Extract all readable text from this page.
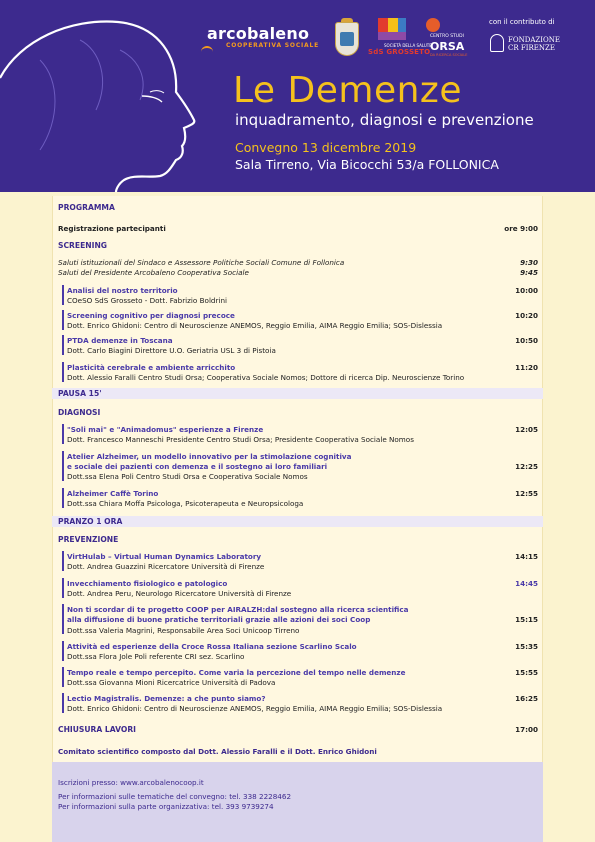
arcobaleno
COOPERATIVA SOCIALE	SOCIETÀ DELLA SALUTE
SdS GROSSETO
CENTRO STUDI
ORSA
DA RICERCA SOCIALE
con il contributo di
FONDAZIONE
CR FIRENZE
Le Demenze
inquadramento, diagnosi e prevenzione
Convegno 13 dicembre 2019
Sala Tirreno, Via Bicocchi 53/a FOLLONICA
PROGRAMMA
Registrazione partecipanti	ore 9:00
SCREENING
Saluti istituzionali del Sindaco e Assessore Politiche Sociali Comune di Follonica	9:30
Saluti del Presidente Arcobaleno Cooperativa Sociale	9:45
Analisi del nostro territorio	10:00
COeSO SdS Grosseto - Dott. Fabrizio Boldrini
Screening cognitivo per diagnosi precoce	10:20
Dott. Enrico Ghidoni: Centro di Neuroscienze ANEMOS, Reggio Emilia, AIMA Reggio Emilia; SOS-Dislessia
PTDA demenze in Toscana	10:50
Dott. Carlo Biagini Direttore U.O. Geriatria USL 3 di Pistoia
Plasticità cerebrale e ambiente arricchito	11:20
Dott. Alessio Faralli Centro Studi Orsa; Cooperativa Sociale Nomos; Dottore di ricerca Dip. Neuroscienze Torino
PAUSA 15'
DIAGNOSI
"Soli mai" e "Animadomus" esperienze a Firenze	12:05
Dott. Francesco Manneschi Presidente Centro Studi Orsa; Presidente Cooperativa Sociale Nomos
Atelier Alzheimer, un modello innovativo per la stimolazione cognitiva
e sociale dei pazienti con demenza e il sostegno ai loro familiari	12:25
Dott.ssa Elena Poli Centro Studi Orsa e Cooperativa Sociale Nomos
Alzheimer Caffè Torino	12:55
Dott.ssa Chiara Moffa Psicologa, Psicoterapeuta e Neuropsicologa
PRANZO 1 ORA
PREVENZIONE
VirtHulab – Virtual Human Dynamics Laboratory	14:15
Dott. Andrea Guazzini Ricercatore Università di Firenze
Invecchiamento fisiologico e patologico	14:45
Dott. Andrea Peru, Neurologo Ricercatore Università di Firenze
Non ti scordar di te progetto COOP per AIRALZH:dal sostegno alla ricerca scientifica
alla diffusione di buone pratiche territoriali grazie alle azioni dei soci Coop	15:15
Dott.ssa Valeria Magrini, Responsabile Area Soci Unicoop Tirreno
Attività ed esperienze della Croce Rossa Italiana sezione Scarlino Scalo	15:35
Dott.ssa Flora Jole Poli referente CRI sez. Scarlino
Tempo reale e tempo percepito. Come varia la percezione del tempo nelle demenze	15:55
Dott.ssa Giovanna Mioni Ricercatrice Università di Padova
Lectio Magistralis. Demenze: a che punto siamo?	16:25
Dott. Enrico Ghidoni: Centro di Neuroscienze ANEMOS, Reggio Emilia, AIMA Reggio Emilia; SOS-Dislessia
CHIUSURA LAVORI	17:00
Comitato scientifico composto dal Dott. Alessio Faralli e il Dott. Enrico Ghidoni
Iscrizioni presso: www.arcobalenocoop.it
Per informazioni sulle tematiche del convegno: tel. 338 2228462
Per informazioni sulla parte organizzativa: tel. 393 9739274
